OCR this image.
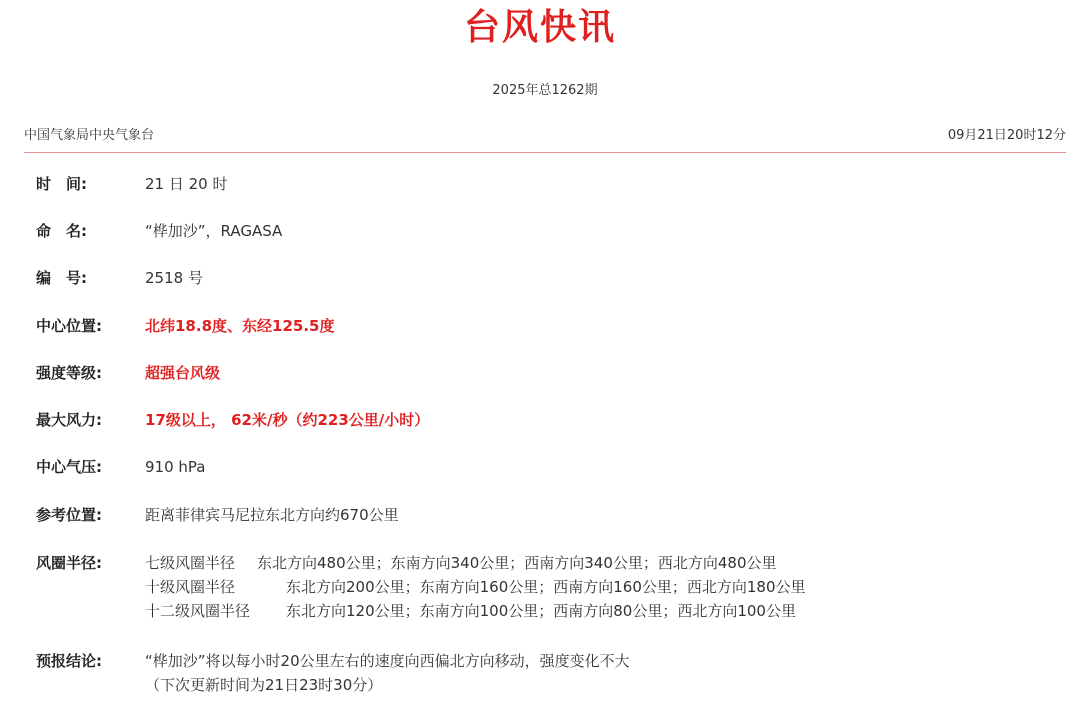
台风快讯
2025年总1262期
中国气象局中央气象台	09月21日20时12分
时　间:	21 日 20 时
命　名:	“桦加沙”，RAGASA
编　号:	2518 号
中心位置:	北纬18.8度、东经125.5度
强度等级:	超强台风级
最大风力:	17级以上， 62米/秒（约223公里/小时）
中心气压:	910 hPa
参考位置:	距离菲律宾马尼拉东北方向约670公里
风圈半径:	七级风圈半径 东北方向480公里；东南方向340公里；西南方向340公里；西北方向480公里
十级风圈半径	东北方向200公里；东南方向160公里；西南方向160公里；西北方向180公里
十二级风圈半径 东北方向120公里；东南方向100公里；西南方向80公里；西北方向100公里
预报结论:	“桦加沙”将以每小时20公里左右的速度向西偏北方向移动，强度变化不大
（下次更新时间为21日23时30分）
